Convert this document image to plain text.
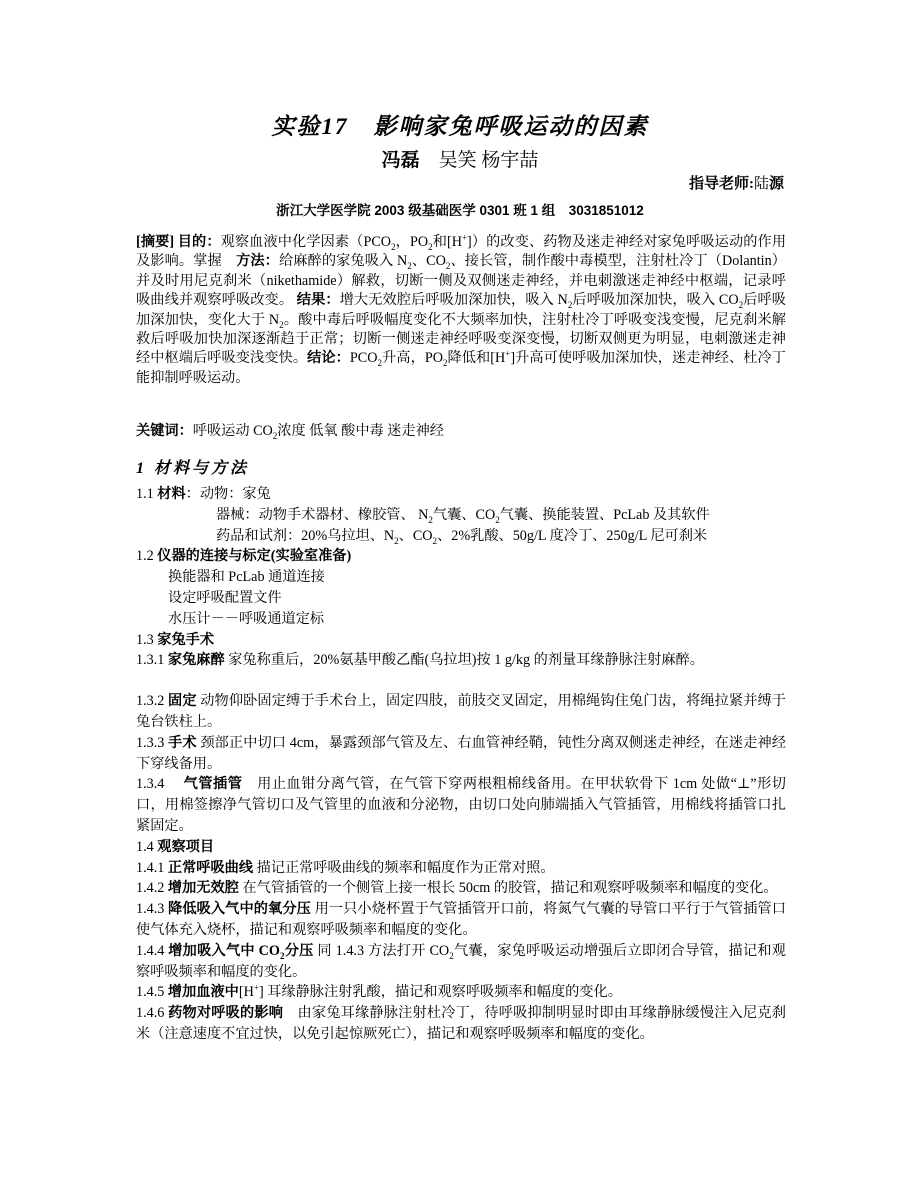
实验17　影响家兔呼吸运动的因素
冯磊　吴笑 杨宇喆
指导老师:陆源
浙江大学医学院 2003 级基础医学 0301 班 1 组　3031851012

[摘要] 目的：观察血液中化学因素（$PCO_2$，$PO_2$和[H+]）的改变、药物及迷走神经对家兔呼吸运动的作用及影响。掌握　方法：给麻醉的家兔吸入 $N_2$、$CO_2$、接长管，制作酸中毒模型，注射杜冷丁（Dolantin）并及时用尼克刹米（nikethamide）解救，切断一侧及双侧迷走神经，并电刺激迷走神经中枢端，记录呼吸曲线并观察呼吸改变。 结果：增大无效腔后呼吸加深加快，吸入 $N_2$后呼吸加深加快，吸入 $CO_2$后呼吸加深加快，变化大于 $N_2$。酸中毒后呼吸幅度变化不大频率加快，注射杜冷丁呼吸变浅变慢，尼克刹米解救后呼吸加快加深逐渐趋于正常；切断一侧迷走神经呼吸变深变慢，切断双侧更为明显，电刺激迷走神经中枢端后呼吸变浅变快。结论：$PCO_2$升高，$PO_2$降低和[H+]升高可使呼吸加深加快，迷走神经、杜冷丁能抑制呼吸运动。

关键词：呼吸运动 $CO_2$浓度 低氧 酸中毒 迷走神经

1 材料与方法

1.1 材料：动物：家兔

器械：动物手术器材、橡胶管、 $N_2$气囊、$CO_2$气囊、换能装置、PcLab 及其软件

药品和试剂：20%乌拉坦、$N_2$、$CO_2$、2%乳酸、50g/L 度冷丁、250g/L 尼可刹米

1.2 仪器的连接与标定(实验室准备)

换能器和 PcLab 通道连接

设定呼吸配置文件

水压计－－呼吸通道定标

1.3 家兔手术

1.3.1 家兔麻醉 家兔称重后，20%氨基甲酸乙酯(乌拉坦)按 1 g/kg 的剂量耳缘静脉注射麻醉。

1.3.2 固定 动物仰卧固定缚于手术台上，固定四肢，前肢交叉固定，用棉绳钩住兔门齿，将绳拉紧并缚于兔台铁柱上。

1.3.3 手术 颈部正中切口 4cm，暴露颈部气管及左、右血管神经鞘，钝性分离双侧迷走神经，在迷走神经下穿线备用。

1.3.4　 气管插管　用止血钳分离气管，在气管下穿两根粗棉线备用。在甲状软骨下 1cm 处做“⊥”形切口，用棉签擦净气管切口及气管里的血液和分泌物，由切口处向肺端插入气管插管，用棉线将插管口扎紧固定。

1.4 观察项目

1.4.1 正常呼吸曲线 描记正常呼吸曲线的频率和幅度作为正常对照。

1.4.2 增加无效腔 在气管插管的一个侧管上接一根长 50cm 的胶管，描记和观察呼吸频率和幅度的变化。

1.4.3 降低吸入气中的氧分压 用一只小烧杯置于气管插管开口前，将氮气气囊的导管口平行于气管插管口使气体充入烧杯，描记和观察呼吸频率和幅度的变化。

1.4.4 增加吸入气中 $CO_2$分压 同 1.4.3 方法打开 $CO_2$气囊，家兔呼吸运动增强后立即闭合导管，描记和观察呼吸频率和幅度的变化。

1.4.5 增加血液中[H+] 耳缘静脉注射乳酸，描记和观察呼吸频率和幅度的变化。

1.4.6 药物对呼吸的影响　由家兔耳缘静脉注射杜冷丁，待呼吸抑制明显时即由耳缘静脉缓慢注入尼克刹米（注意速度不宜过快，以免引起惊厥死亡），描记和观察呼吸频率和幅度的变化。
